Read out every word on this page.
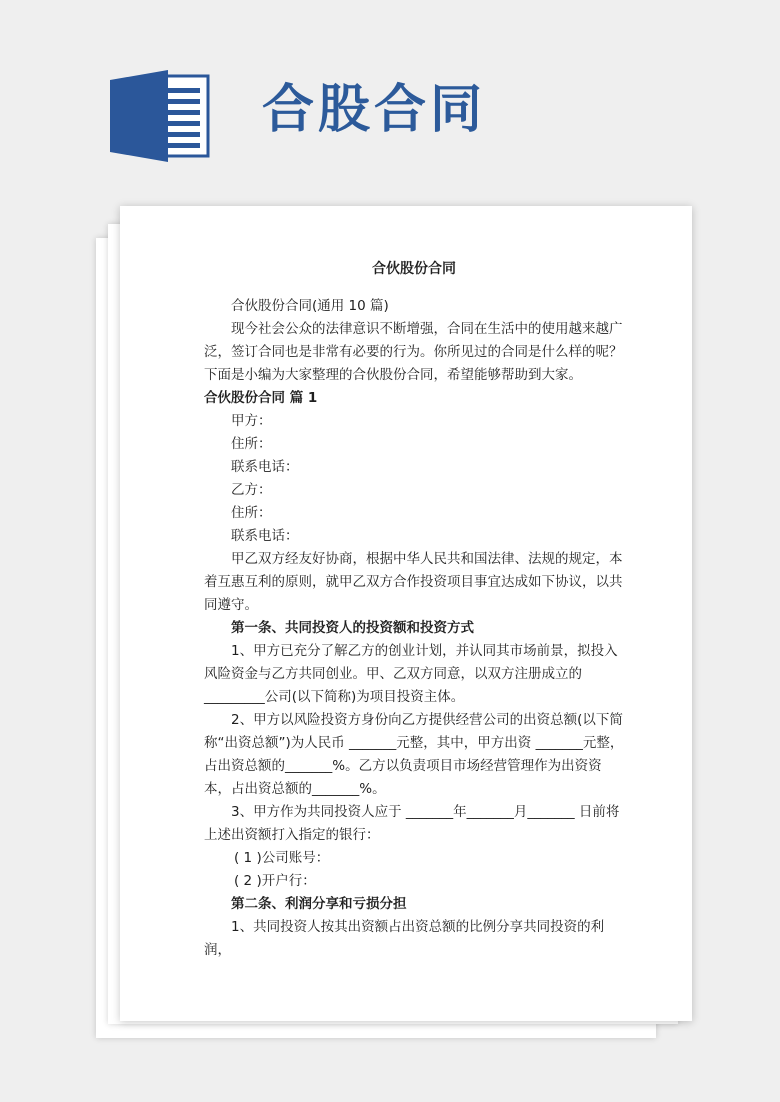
合股合同

合伙股份合同

合伙股份合同(通用 10 篇)

现今社会公众的法律意识不断增强，合同在生活中的使用越来越广泛，签订合同也是非常有必要的行为。你所见过的合同是什么样的呢？下面是小编为大家整理的合伙股份合同，希望能够帮助到大家。

合伙股份合同 篇 1

甲方：

住所：

联系电话：

乙方：

住所：

联系电话：

甲乙双方经友好协商，根据中华人民共和国法律、法规的规定，本着互惠互利的原则，就甲乙双方合作投资项目事宜达成如下协议，以共同遵守。

第一条、共同投资人的投资额和投资方式

1、甲方已充分了解乙方的创业计划，并认同其市场前景，拟投入风险资金与乙方共同创业。甲、乙双方同意，以双方注册成立的_________公司(以下简称)为项目投资主体。

2、甲方以风险投资方身份向乙方提供经营公司的出资总额(以下简称“出资总额”)为人民币 _______元整，其中，甲方出资 _______元整，占出资总额的_______%。乙方以负责项目市场经营管理作为出资资本，占出资总额的_______%。

3、甲方作为共同投资人应于 _______年_______月_______ 日前将上述出资额打入指定的银行：

( 1 )公司账号：

( 2 )开户行：

第二条、利润分享和亏损分担

1、共同投资人按其出资额占出资总额的比例分享共同投资的利润，
